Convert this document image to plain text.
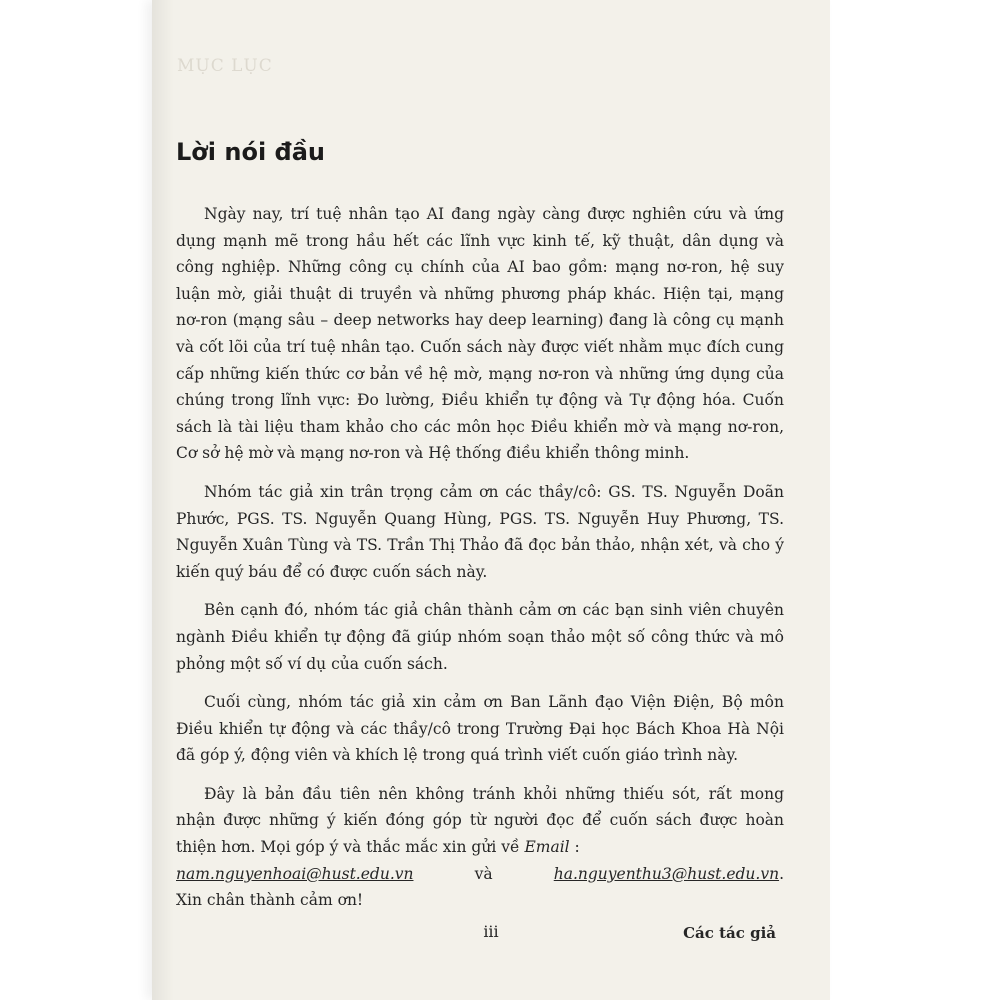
MỤC LỤC
Lời nói đầu

Ngày nay, trí tuệ nhân tạo AI đang ngày càng được nghiên cứu và ứng dụng mạnh mẽ trong hầu hết các lĩnh vực kinh tế, kỹ thuật, dân dụng và công nghiệp. Những công cụ chính của AI bao gồm: mạng nơ-ron, hệ suy luận mờ, giải thuật di truyền và những phương pháp khác. Hiện tại, mạng nơ-ron (mạng sâu – deep networks hay deep learning) đang là công cụ mạnh và cốt lõi của trí tuệ nhân tạo. Cuốn sách này được viết nhằm mục đích cung cấp những kiến thức cơ bản về hệ mờ, mạng nơ-ron và những ứng dụng của chúng trong lĩnh vực: Đo lường, Điều khiển tự động và Tự động hóa. Cuốn sách là tài liệu tham khảo cho các môn học Điều khiển mờ và mạng nơ-ron, Cơ sở hệ mờ và mạng nơ-ron và Hệ thống điều khiển thông minh.

Nhóm tác giả xin trân trọng cảm ơn các thầy/cô: GS. TS. Nguyễn Doãn Phước, PGS. TS. Nguyễn Quang Hùng, PGS. TS. Nguyễn Huy Phương, TS. Nguyễn Xuân Tùng và TS. Trần Thị Thảo đã đọc bản thảo, nhận xét, và cho ý kiến quý báu để có được cuốn sách này.

Bên cạnh đó, nhóm tác giả chân thành cảm ơn các bạn sinh viên chuyên ngành Điều khiển tự động đã giúp nhóm soạn thảo một số công thức và mô phỏng một số ví dụ của cuốn sách.

Cuối cùng, nhóm tác giả xin cảm ơn Ban Lãnh đạo Viện Điện, Bộ môn Điều khiển tự động và các thầy/cô trong Trường Đại học Bách Khoa Hà Nội đã góp ý, động viên và khích lệ trong quá trình viết cuốn giáo trình này.

Đây là bản đầu tiên nên không tránh khỏi những thiếu sót, rất mong nhận được những ý kiến đóng góp từ người đọc để cuốn sách được hoàn thiện hơn. Mọi góp ý và thắc mắc xin gửi về Email :

nam.nguyenhoai@hust.edu.vn và ha.nguyenthu3@hust.edu.vn.
Xin chân thành cảm ơn!
Các tác giả
iii
